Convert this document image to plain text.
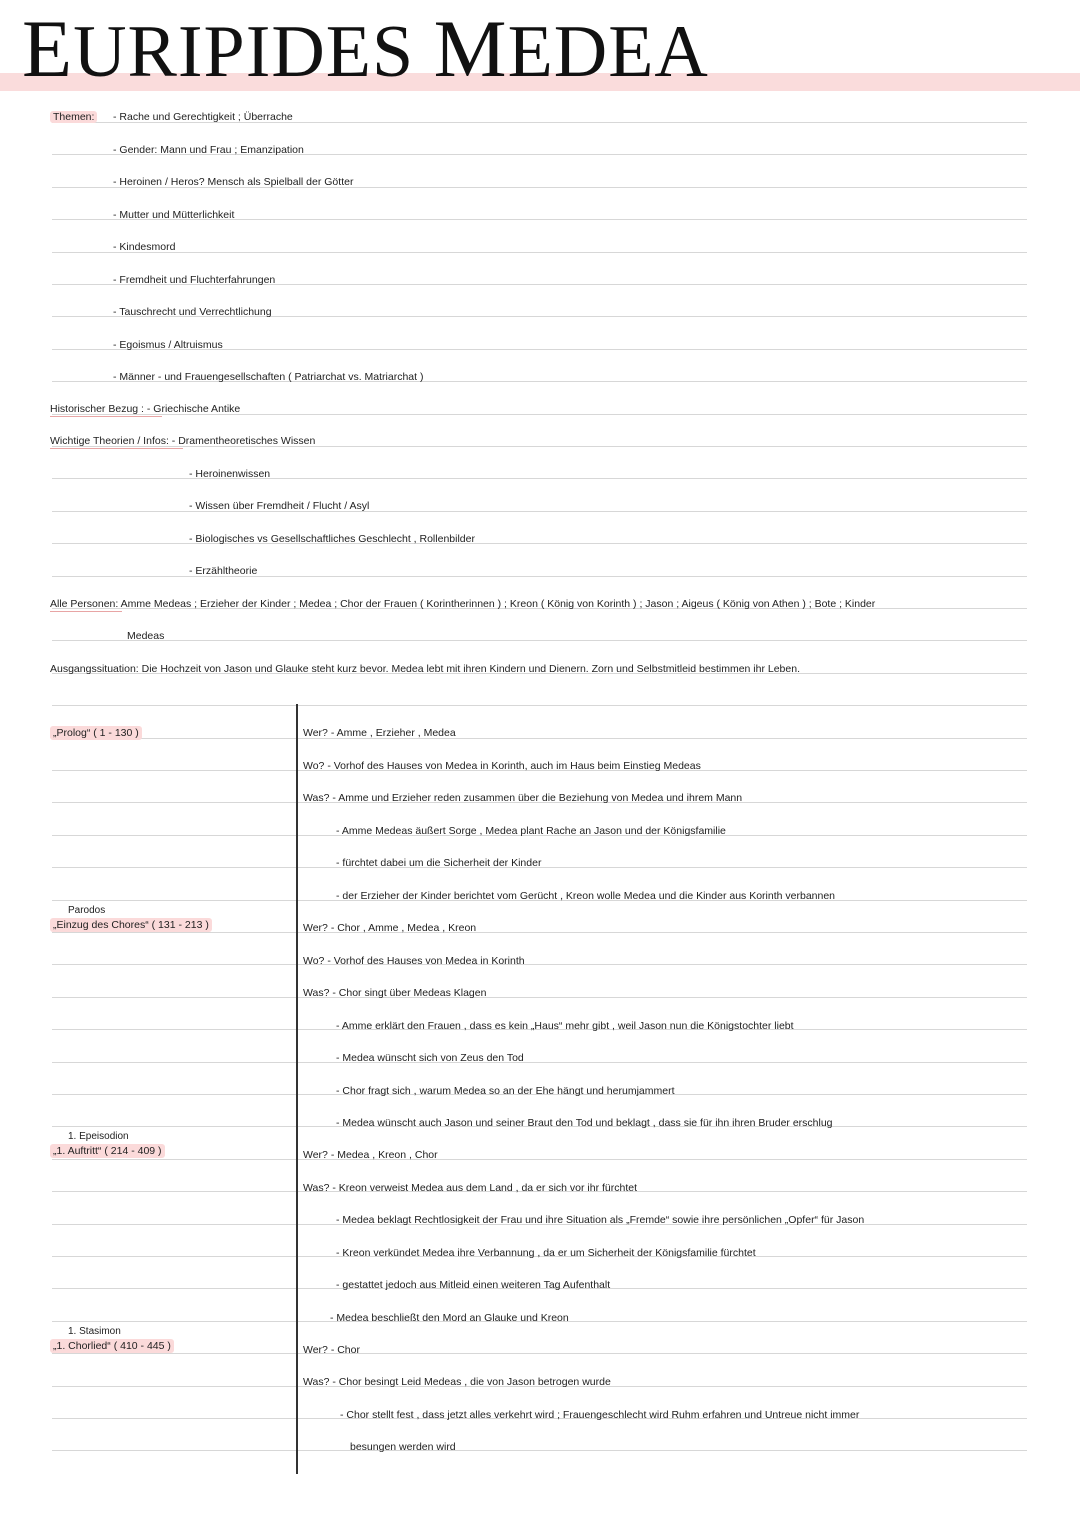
EURIPIDES MEDEA
Themen: - Rache und Gerechtigkeit ; Überrache
- Gender: Mann und Frau ; Emanzipation
- Heroinen / Heros? Mensch als Spielball der Götter
- Mutter und Mütterlichkeit
- Kindesmord
- Fremdheit und Fluchterfahrungen
- Tauschrecht und Verrechtlichung
- Egoismus / Altruismus
- Männer - und Frauengesellschaften ( Patriarchat vs. Matriarchat )
Historischer Bezug : - Griechische Antike
Wichtige Theorien / Infos: - Dramentheoretisches Wissen
- Heroinenwissen
- Wissen über Fremdheit / Flucht / Asyl
- Biologisches vs Gesellschaftliches Geschlecht , Rollenbilder
- Erzähltheorie
Alle Personen: Amme Medeas ; Erzieher der Kinder ; Medea ; Chor der Frauen ( Korintherinnen ) ; Kreon ( König von Korinth ) ; Jason ; Aigeus ( König von Athen ) ; Bote ; Kinder
Medeas
Ausgangssituation: Die Hochzeit von Jason und Glauke steht kurz bevor. Medea lebt mit ihren Kindern und Dienern. Zorn und Selbstmitleid bestimmen ihr Leben.
„Prolog“ ( 1 - 130 )
Parodos
„Einzug des Chores“ ( 131 - 213 )
1. Epeisodion
„1. Auftritt“ ( 214 - 409 )
1. Stasimon
„1. Chorlied“ ( 410 - 445 )
Wer? - Amme , Erzieher , Medea
Wo? - Vorhof des Hauses von Medea in Korinth, auch im Haus beim Einstieg Medeas
Was? - Amme und Erzieher reden zusammen über die Beziehung von Medea und ihrem Mann
- Amme Medeas äußert Sorge , Medea plant Rache an Jason und der Königsfamilie
- fürchtet dabei um die Sicherheit der Kinder
- der Erzieher der Kinder berichtet vom Gerücht , Kreon wolle Medea und die Kinder aus Korinth verbannen
Wer? - Chor , Amme , Medea , Kreon
Wo? - Vorhof des Hauses von Medea in Korinth
Was? - Chor singt über Medeas Klagen
- Amme erklärt den Frauen , dass es kein „Haus“ mehr gibt , weil Jason nun die Königstochter liebt
- Medea wünscht sich von Zeus den Tod
- Chor fragt sich , warum Medea so an der Ehe hängt und herumjammert
- Medea wünscht auch Jason und seiner Braut den Tod und beklagt , dass sie für ihn ihren Bruder erschlug
Wer? - Medea , Kreon , Chor
Was? - Kreon verweist Medea aus dem Land , da er sich vor ihr fürchtet
- Medea beklagt Rechtlosigkeit der Frau und ihre Situation als „Fremde“ sowie ihre persönlichen „Opfer“ für Jason
- Kreon verkündet Medea ihre Verbannung , da er um Sicherheit der Königsfamilie fürchtet
- gestattet jedoch aus Mitleid einen weiteren Tag Aufenthalt
- Medea beschließt den Mord an Glauke und Kreon
Wer? - Chor
Was? - Chor besingt Leid Medeas , die von Jason betrogen wurde
- Chor stellt fest , dass jetzt alles verkehrt wird ; Frauengeschlecht wird Ruhm erfahren und Untreue nicht immer
besungen werden wird
